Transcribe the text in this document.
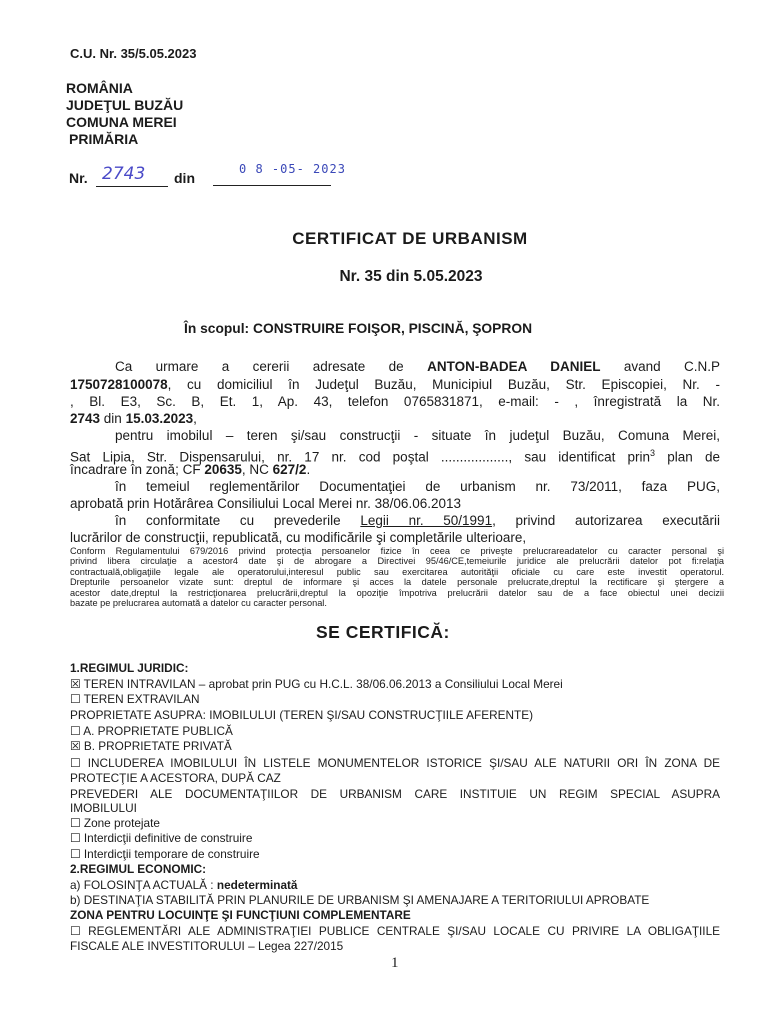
C.U. Nr. 35/5.05.2023
ROMÂNIA
JUDEŢUL BUZĂU
COMUNA MEREI
PRIMĂRIA
Nr. 2743 din
0 8 -05- 2023
CERTIFICAT DE URBANISM
Nr. 35 din 5.05.2023
În scopul: CONSTRUIRE FOIŞOR, PISCINĂ, ŞOPRON
Ca urmare a cererii adresate de ANTON-BADEA DANIEL avand C.N.P
1750728100078, cu domiciliul în Judeţul Buzău, Municipiul Buzău, Str. Episcopiei, Nr. -
, Bl. E3, Sc. B, Et. 1, Ap. 43, telefon 0765831871, e-mail: - , înregistrată la Nr.
2743 din 15.03.2023,
pentru imobilul – teren şi/sau construcţii - situate în judeţul Buzău, Comuna Merei,
Sat Lipia, Str. Dispensarului, nr. 17 nr. cod poştal .................., sau identificat prin$^3$ plan de
încadrare în zonă; CF 20635, NC 627/2.
în temeiul reglementărilor Documentaţiei de urbanism nr. 73/2011, faza PUG,
aprobată prin Hotărârea Consiliului Local Merei nr. 38/06.06.2013
în conformitate cu prevederile Legii nr. 50/1991, privind autorizarea executării
lucrărilor de construcţii, republicată, cu modificările şi completările ulterioare,
Conform Regulamentului 679/2016 privind protecţia persoanelor fizice în ceea ce priveşte prelucrareadatelor cu caracter personal şi
privind libera circulaţie a acestor4 date şi de abrogare a Directivei 95/46/CE,temeiurile juridice ale prelucrării datelor pot fi:relaţia
contractuală,obligaţiile legale ale operatorului,interesul public sau exercitarea autorităţii oficiale cu care este investit operatorul.
Drepturile persoanelor vizate sunt: dreptul de informare şi acces la datele personale prelucrate,dreptul la rectificare şi ştergere a
acestor date,dreptul la restricţionarea prelucrării,dreptul la opoziţie împotriva prelucrării datelor sau de a face obiectul unei decizii
bazate pe prelucrarea automată a datelor cu caracter personal.
SE CERTIFICĂ:
1.REGIMUL JURIDIC:
☒ TEREN INTRAVILAN – aprobat prin PUG cu H.C.L. 38/06.06.2013 a Consiliului Local Merei
☐ TEREN EXTRAVILAN
PROPRIETATE ASUPRA: IMOBILULUI (TEREN ŞI/SAU CONSTRUCŢIILE AFERENTE)
☐ A. PROPRIETATE PUBLICĂ
☒ B. PROPRIETATE PRIVATĂ
☐ INCLUDEREA IMOBILULUI ÎN LISTELE MONUMENTELOR ISTORICE ŞI/SAU ALE NATURII ORI ÎN ZONA DE
PROTECŢIE A ACESTORA, DUPĂ CAZ
PREVEDERI ALE DOCUMENTAŢIILOR DE URBANISM CARE INSTITUIE UN REGIM SPECIAL ASUPRA
IMOBILULUI
☐ Zone protejate
☐ Interdicţii definitive de construire
☐ Interdicţii temporare de construire
2.REGIMUL ECONOMIC:
a) FOLOSINŢA ACTUALĂ : nedeterminată
b) DESTINAŢIA STABILITĂ PRIN PLANURILE DE URBANISM ŞI AMENAJARE A TERITORIULUI APROBATE
ZONA PENTRU LOCUINŢE ŞI FUNCŢIUNI COMPLEMENTARE
☐ REGLEMENTĂRI ALE ADMINISTRAŢIEI PUBLICE CENTRALE ŞI/SAU LOCALE CU PRIVIRE LA OBLIGAŢIILE
FISCALE ALE INVESTITORULUI – Legea 227/2015
1
